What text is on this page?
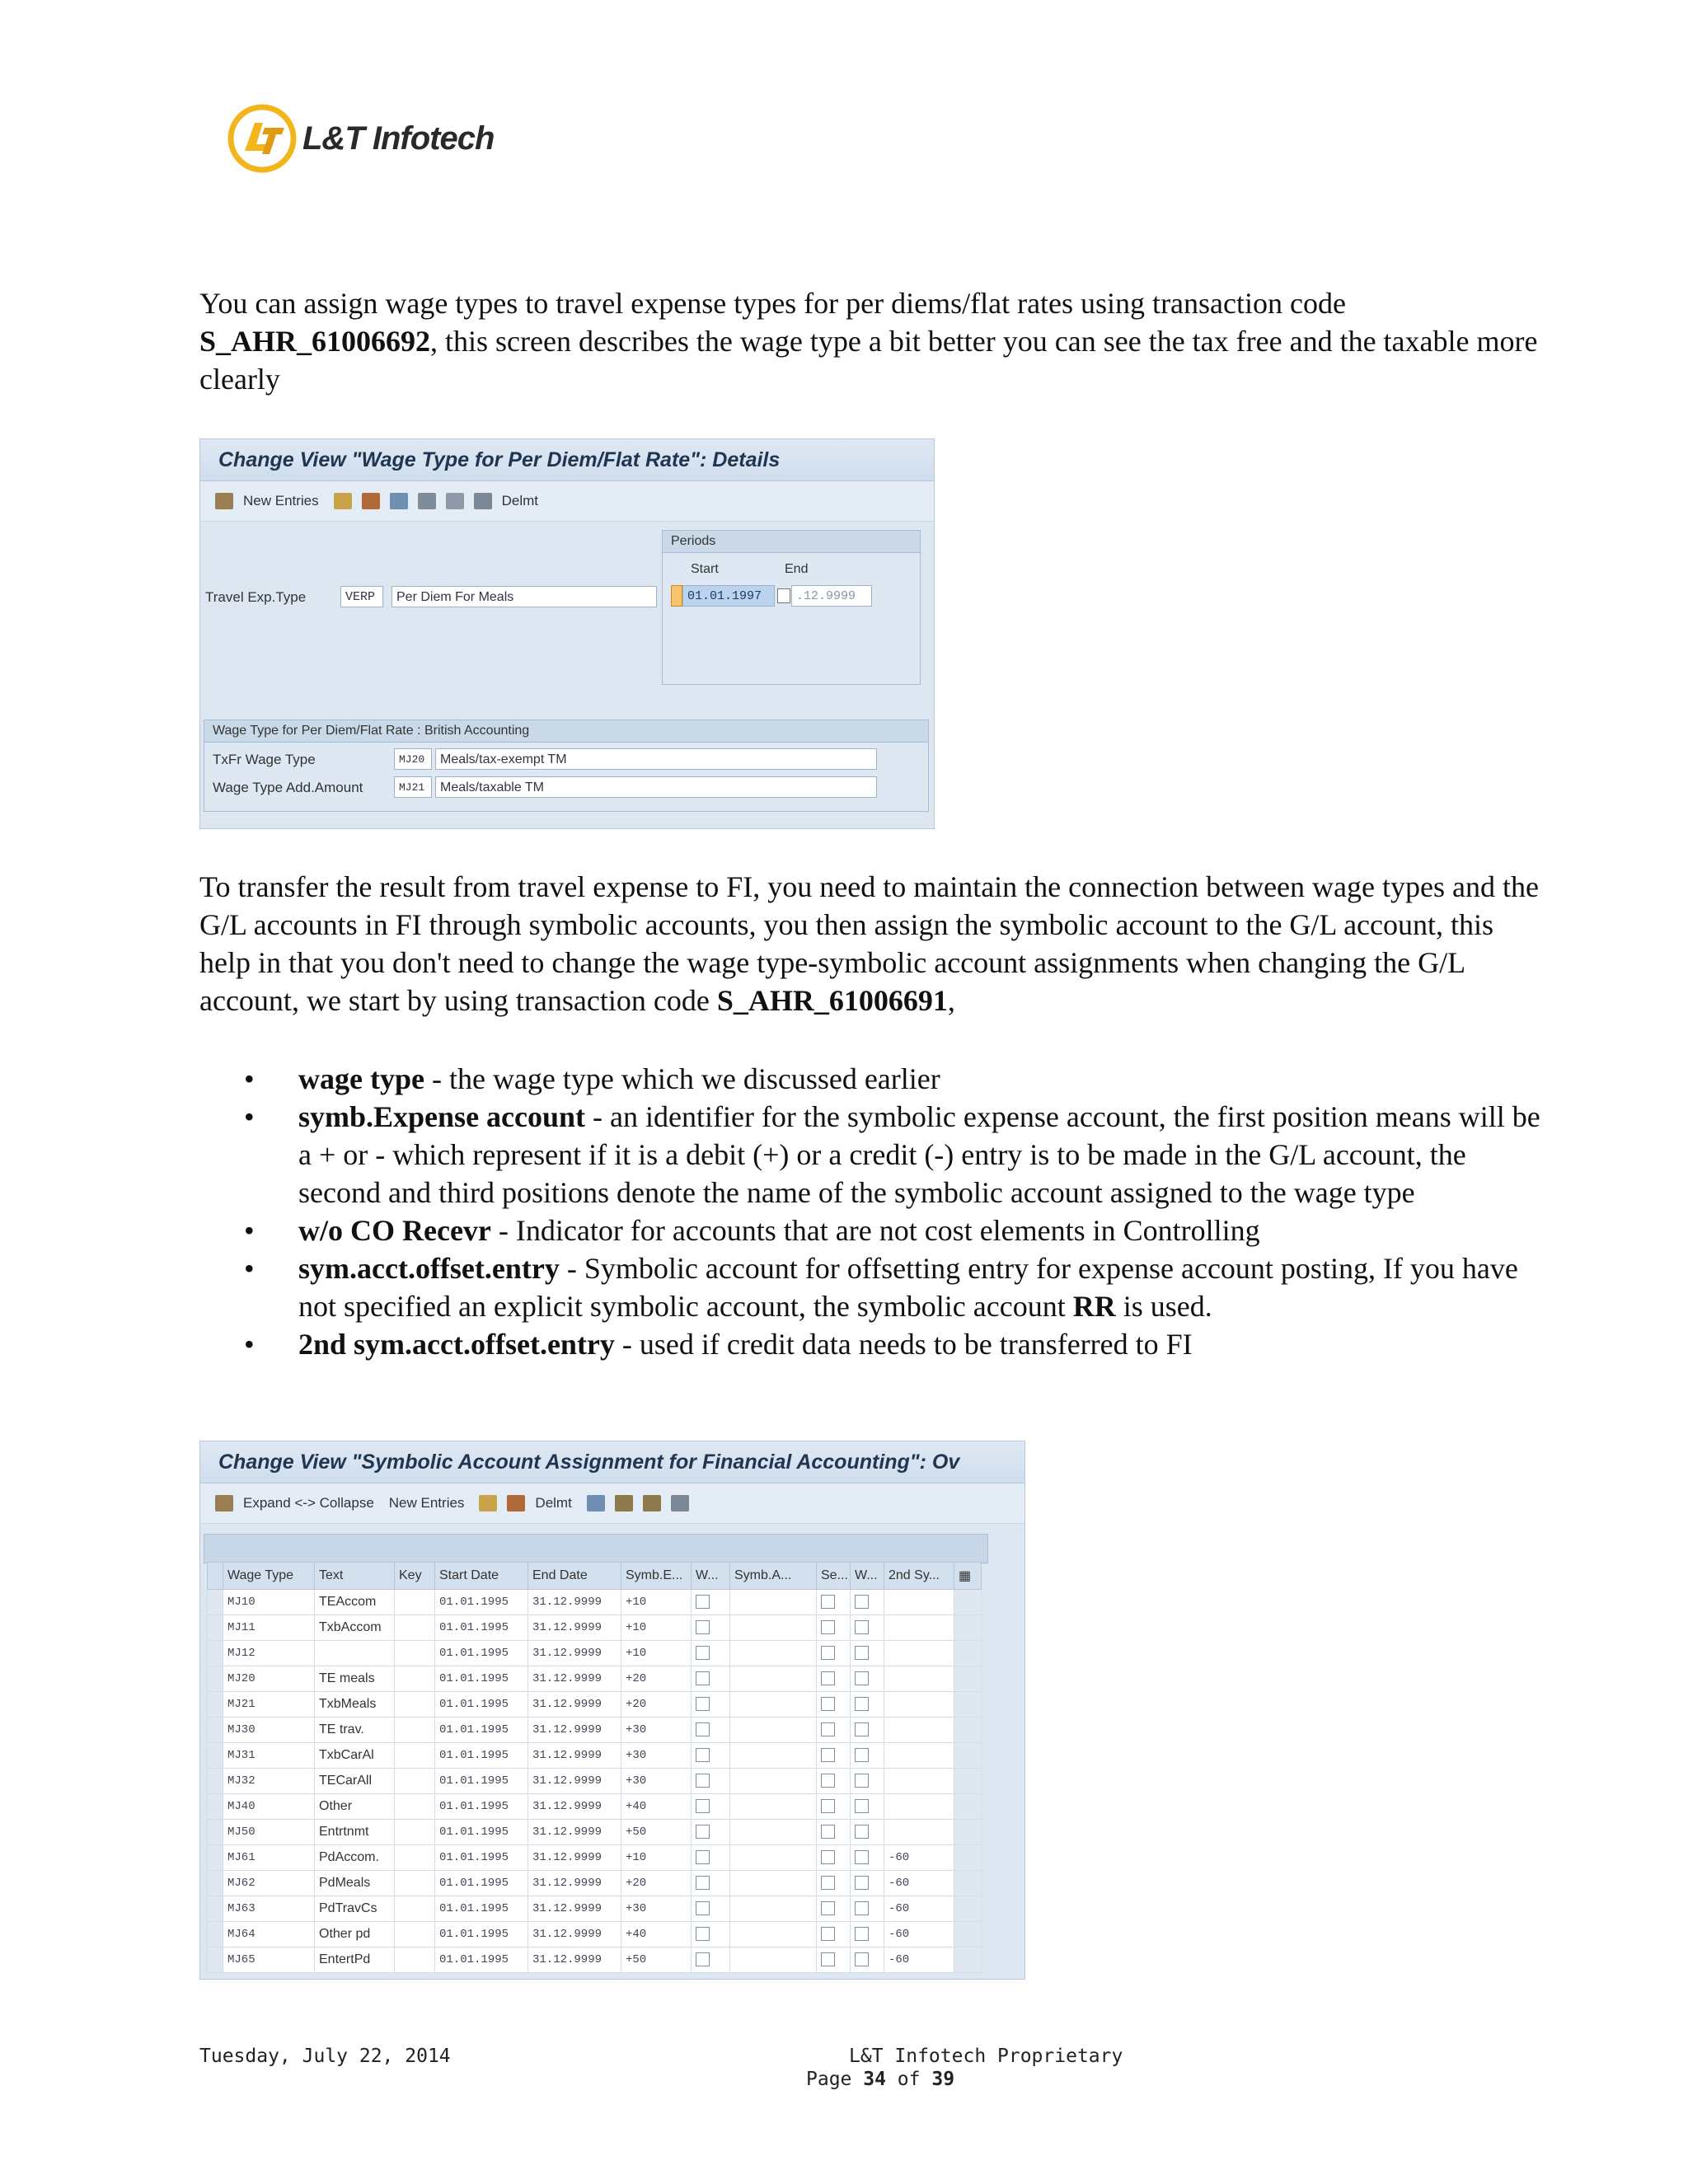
L&T Infotech

You can assign wage types to travel expense types for per diems/flat rates using transaction code S_AHR_61006692, this screen describes the wage type a bit better you can see the tax free and the taxable more clearly

Change View "Wage Type for Per Diem/Flat Rate": Details
New Entries	Delmt
Travel Exp.Type	VERP	Per Diem For Meals
Periods
Start	End
01.01.1997	.12.9999
Wage Type for Per Diem/Flat Rate : British Accounting
TxFr Wage Type	MJ20	Meals/tax-exempt TM
Wage Type Add.Amount	MJ21	Meals/taxable TM

To transfer the result from travel expense to FI, you need to maintain the connection between wage types and the G/L accounts in FI through symbolic accounts, you then assign the symbolic account to the G/L account, this help in that you don't need to change the wage type-symbolic account assignments when changing the G/L account, we start by using transaction code S_AHR_61006691,

• wage type - the wage type which we discussed earlier
• symb.Expense account - an identifier for the symbolic expense account, the first position means will be a + or - which represent if it is a debit (+) or a credit (-) entry is to be made in the G/L account, the second and third positions denote the name of the symbolic account assigned to the wage type
• w/o CO Recevr - Indicator for accounts that are not cost elements in Controlling
• sym.acct.offset.entry - Symbolic account for offsetting entry for expense account posting, If you have not specified an explicit symbolic account, the symbolic account RR is used.
• 2nd sym.acct.offset.entry - used if credit data needs to be transferred to FI
Change View "Symbolic Account Assignment for Financial Accounting": Ov
Expand <-> Collapse New Entries	Delmt
	Wage Type	Text	Key	Start Date	End Date	Symb.E...	W...	Symb.A...	Se...	W...	2nd Sy...	▦
	MJ10	TEAccom		01.01.1995	31.12.9999	+10						
	MJ11	TxbAccom		01.01.1995	31.12.9999	+10						
	MJ12			01.01.1995	31.12.9999	+10						
	MJ20	TE meals		01.01.1995	31.12.9999	+20						
	MJ21	TxbMeals		01.01.1995	31.12.9999	+20						
	MJ30	TE trav.		01.01.1995	31.12.9999	+30						
	MJ31	TxbCarAl		01.01.1995	31.12.9999	+30						
	MJ32	TECarAll		01.01.1995	31.12.9999	+30						
	MJ40	Other		01.01.1995	31.12.9999	+40						
	MJ50	Entrtnmt		01.01.1995	31.12.9999	+50						
	MJ61	PdAccom.		01.01.1995	31.12.9999	+10					-60	
	MJ62	PdMeals		01.01.1995	31.12.9999	+20					-60	
	MJ63	PdTravCs		01.01.1995	31.12.9999	+30					-60	
	MJ64	Other pd		01.01.1995	31.12.9999	+40					-60	
	MJ65	EntertPd		01.01.1995	31.12.9999	+50					-60	
Tuesday, July 22, 2014	L&T Infotech Proprietary
Page 34 of 39
